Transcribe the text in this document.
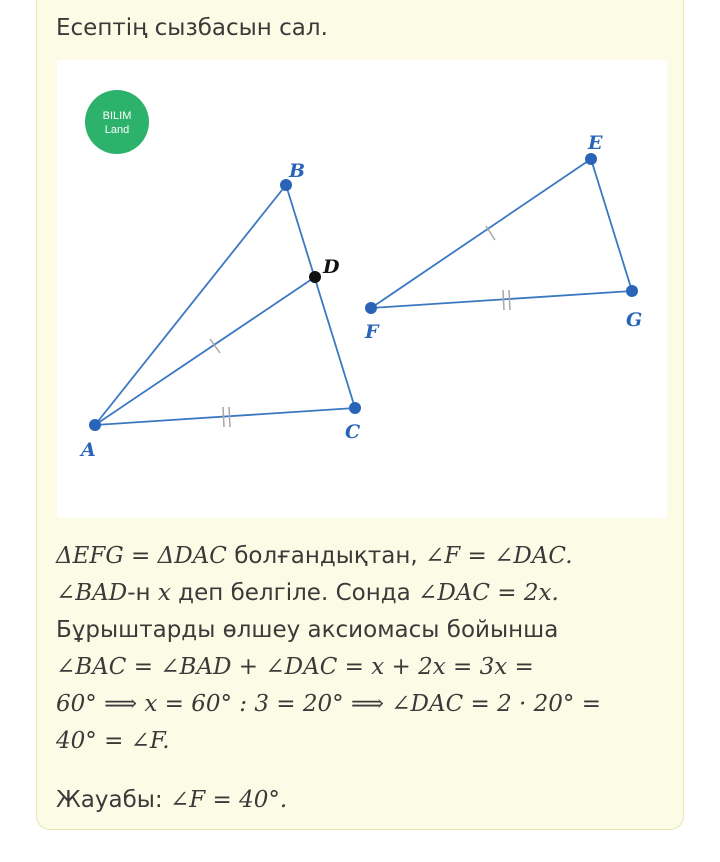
Есептің сызбасын сал.
BILIM
Land
A
B
C
D
E
F
G

ΔEFG = ΔDAC болғандықтан, ∠F = ∠DAC.

∠BAD-н x деп белгіле. Сонда ∠DAC = 2x.

Бұрыштарды өлшеу аксиомасы бойынша

∠BAC = ∠BAD + ∠DAC = x + 2x = 3x =

60° ⟹ x = 60° : 3 = 20° ⟹ ∠DAC = 2 · 20° =

40° = ∠F.

Жауабы: ∠F = 40°.
